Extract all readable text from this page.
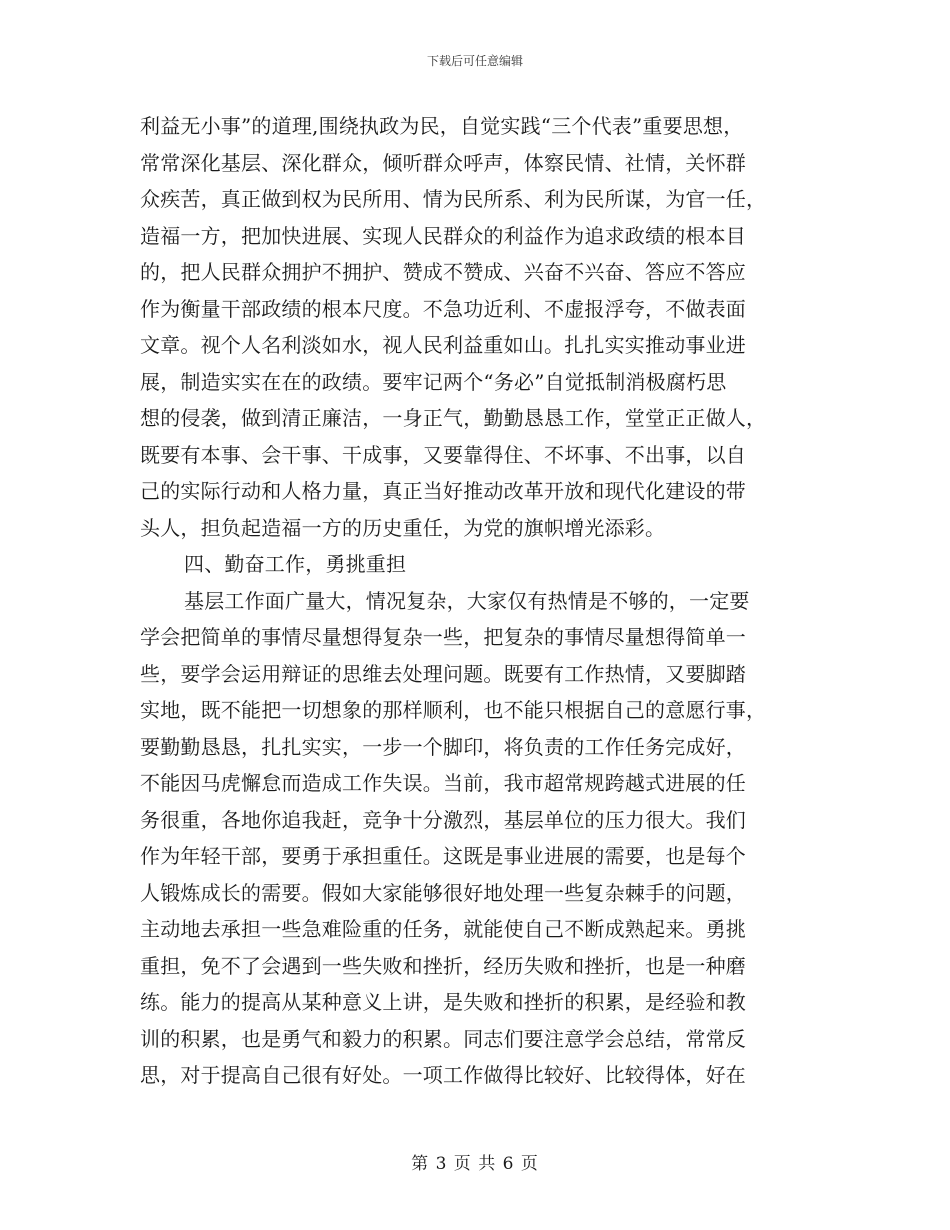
下载后可任意编辑
利益无小事”的道理,围绕执政为民，自觉实践“三个代表”重要思想，
常常深化基层、深化群众，倾听群众呼声，体察民情、社情，关怀群
众疾苦，真正做到权为民所用、情为民所系、利为民所谋，为官一任，
造福一方，把加快进展、实现人民群众的利益作为追求政绩的根本目
的，把人民群众拥护不拥护、赞成不赞成、兴奋不兴奋、答应不答应
作为衡量干部政绩的根本尺度。不急功近利、不虚报浮夸，不做表面
文章。视个人名利淡如水，视人民利益重如山。扎扎实实推动事业进
展，制造实实在在的政绩。要牢记两个“务必”自觉抵制消极腐朽思
想的侵袭，做到清正廉洁，一身正气，勤勤恳恳工作，堂堂正正做人，
既要有本事、会干事、干成事，又要靠得住、不坏事、不出事，以自
己的实际行动和人格力量，真正当好推动改革开放和现代化建设的带
头人，担负起造福一方的历史重任，为党的旗帜增光添彩。
四、勤奋工作，勇挑重担
基层工作面广量大，情况复杂，大家仅有热情是不够的，一定要
学会把简单的事情尽量想得复杂一些，把复杂的事情尽量想得简单一
些，要学会运用辩证的思维去处理问题。既要有工作热情，又要脚踏
实地，既不能把一切想象的那样顺利，也不能只根据自己的意愿行事，
要勤勤恳恳，扎扎实实，一步一个脚印，将负责的工作任务完成好，
不能因马虎懈怠而造成工作失误。当前，我市超常规跨越式进展的任
务很重，各地你追我赶，竞争十分激烈，基层单位的压力很大。我们
作为年轻干部，要勇于承担重任。这既是事业进展的需要，也是每个
人锻炼成长的需要。假如大家能够很好地处理一些复杂棘手的问题，
主动地去承担一些急难险重的任务，就能使自己不断成熟起来。勇挑
重担，免不了会遇到一些失败和挫折，经历失败和挫折，也是一种磨
练。能力的提高从某种意义上讲，是失败和挫折的积累，是经验和教
训的积累，也是勇气和毅力的积累。同志们要注意学会总结，常常反
思，对于提高自己很有好处。一项工作做得比较好、比较得体，好在
第 3 页 共 6 页
